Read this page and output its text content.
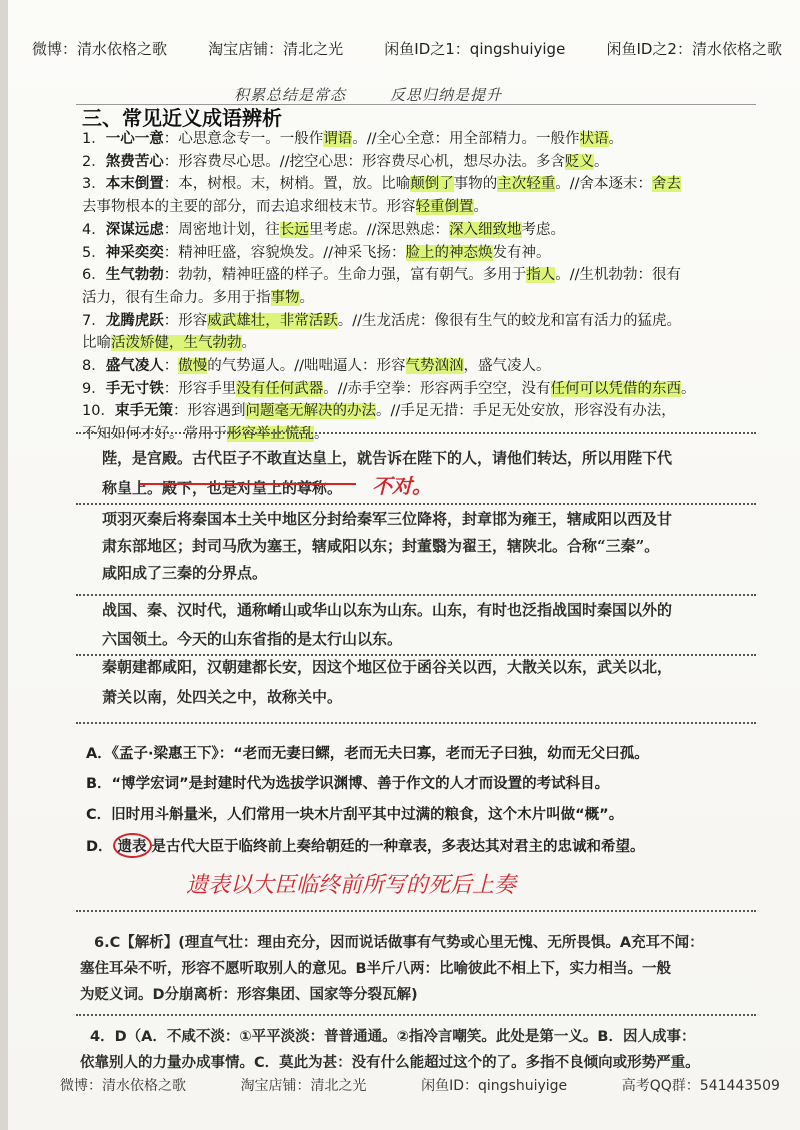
微博：清水依格之歌	淘宝店铺：清北之光	闲鱼ID之1：qingshuiyige	闲鱼ID之2：清水依格之歌
积累总结是常态	反思归纳是提升
三、常见近义成语辨析

1．一心一意：心思意念专一。一般作谓语。//全心全意：用全部精力。一般作状语。

2．煞费苦心：形容费尽心思。//挖空心思：形容费尽心机，想尽办法。多含贬义。

3．本末倒置：本，树根。末，树梢。置，放。比喻颠倒了事物的主次轻重。//舍本逐末：舍去

去事物根本的主要的部分，而去追求细枝末节。形容轻重倒置。

4．深谋远虑：周密地计划，往长远里考虑。//深思熟虑：深入细致地考虑。

5．神采奕奕：精神旺盛，容貌焕发。//神采飞扬：脸上的神态焕发有神。

6．生气勃勃：勃勃，精神旺盛的样子。生命力强，富有朝气。多用于指人。//生机勃勃：很有

活力，很有生命力。多用于指事物。

7．龙腾虎跃：形容威武雄壮，非常活跃。//生龙活虎：像很有生气的蛟龙和富有活力的猛虎。

比喻活泼矫健，生气勃勃。

8．盛气凌人：傲慢的气势逼人。//咄咄逼人：形容气势汹汹，盛气凌人。

9．手无寸铁：形容手里没有任何武器。//赤手空拳：形容两手空空，没有任何可以凭借的东西。

10．束手无策：形容遇到问题毫无解决的办法。//手足无措：手足无处安放，形容没有办法，

不知如何才好。常用于形容举止慌乱。

陛，是宫殿。古代臣子不敢直达皇上，就告诉在陛下的人，请他们转达，所以用陛下代

称皇上。殿下，也是对皇上的尊称。 不对。

项羽灭秦后将秦国本土关中地区分封给秦军三位降将，封章邯为雍王，辖咸阳以西及甘

肃东部地区；封司马欣为塞王，辖咸阳以东；封董翳为翟王，辖陕北。合称“三秦”。

咸阳成了三秦的分界点。

战国、秦、汉时代，通称崤山或华山以东为山东。山东，有时也泛指战国时秦国以外的

六国领土。今天的山东省指的是太行山以东。

秦朝建都咸阳，汉朝建都长安，因这个地区位于函谷关以西，大散关以东，武关以北，

萧关以南，处四关之中，故称关中。

A．《孟子·梁惠王下》：“老而无妻曰鳏，老而无夫曰寡，老而无子曰独，幼而无父曰孤。
B．“博学宏词”是封建时代为选拔学识渊博、善于作文的人才而设置的考试科目。
C．旧时用斗斛量米，人们常用一块木片刮平其中过满的粮食，这个木片叫做“概”。
D． 遗表 是古代大臣于临终前上奏给朝廷的一种章表，多表达其对君主的忠诚和希望。
遗表以大臣临终前所写的死后上奏

6.C【解析】(理直气壮：理由充分，因而说话做事有气势或心里无愧、无所畏惧。A充耳不闻：

塞住耳朵不听，形容不愿听取别人的意见。B半斤八两：比喻彼此不相上下，实力相当。一般

为贬义词。D分崩离析：形容集团、国家等分裂瓦解)

4．D（A．不咸不淡：①平平淡淡：普普通通。②指冷言嘲笑。此处是第一义。B．因人成事：

依靠别人的力量办成事情。C．莫此为甚：没有什么能超过这个的了。多指不良倾向或形势严重。

微博：清水依格之歌	淘宝店铺：清北之光	闲鱼ID：qingshuiyige	高考QQ群：541443509
